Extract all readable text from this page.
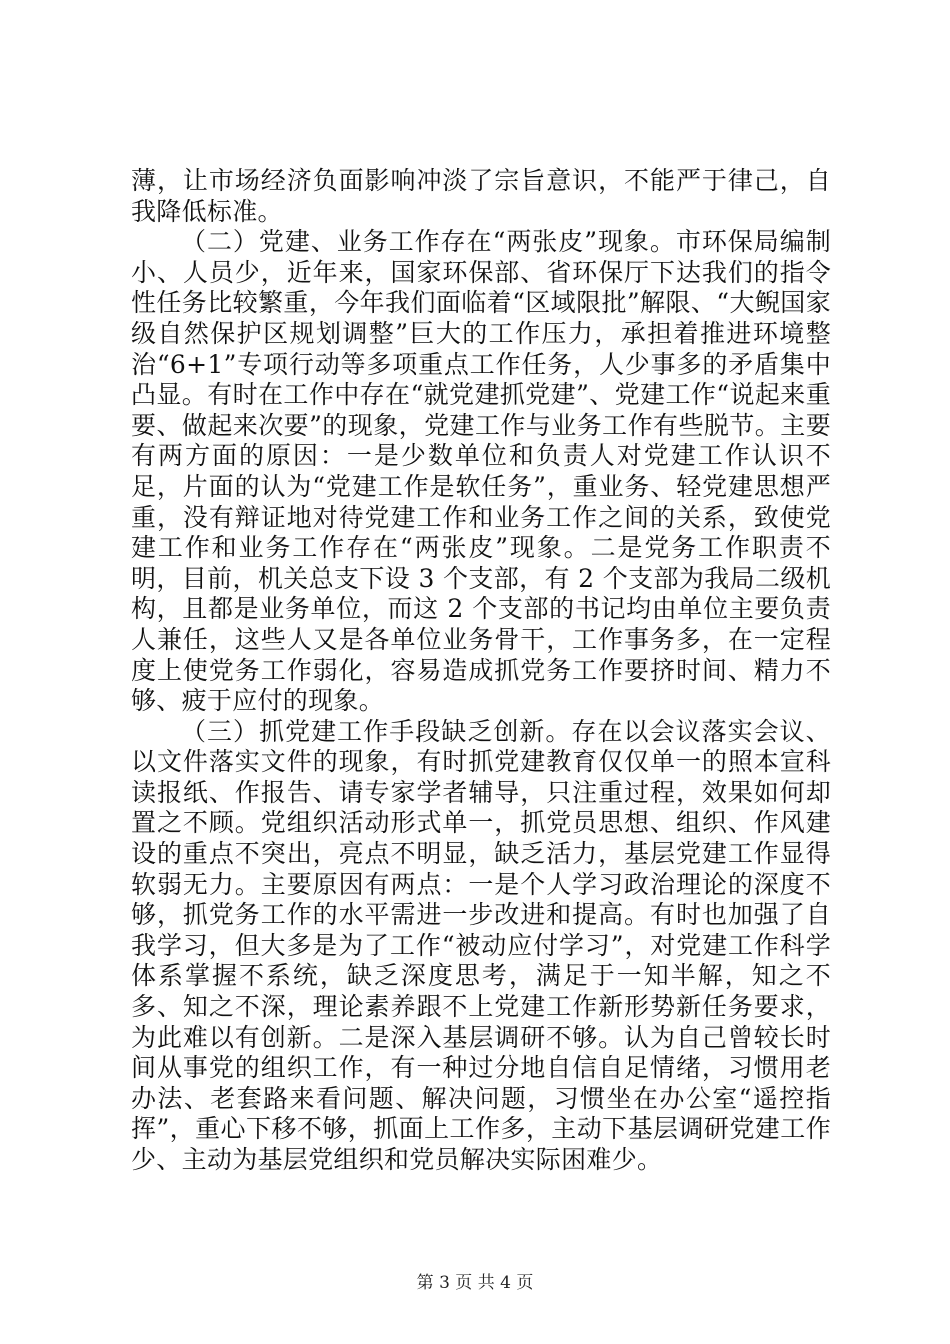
薄，让市场经济负面影响冲淡了宗旨意识，不能严于律己，自我降低标准。

（二）党建、业务工作存在“两张皮”现象。市环保局编制小、人员少，近年来，国家环保部、省环保厅下达我们的指令性任务比较繁重，今年我们面临着“区域限批”解限、“大鲵国家级自然保护区规划调整”巨大的工作压力，承担着推进环境整治“6+1”专项行动等多项重点工作任务，人少事多的矛盾集中凸显。有时在工作中存在“就党建抓党建”、党建工作“说起来重要、做起来次要”的现象，党建工作与业务工作有些脱节。主要有两方面的原因：一是少数单位和负责人对党建工作认识不足，片面的认为“党建工作是软任务”，重业务、轻党建思想严重，没有辩证地对待党建工作和业务工作之间的关系，致使党建工作和业务工作存在“两张皮”现象。二是党务工作职责不明，目前，机关总支下设 3 个支部，有 2 个支部为我局二级机构，且都是业务单位，而这 2 个支部的书记均由单位主要负责人兼任，这些人又是各单位业务骨干，工作事务多，在一定程度上使党务工作弱化，容易造成抓党务工作要挤时间、精力不够、疲于应付的现象。

（三）抓党建工作手段缺乏创新。存在以会议落实会议、以文件落实文件的现象，有时抓党建教育仅仅单一的照本宣科读报纸、作报告、请专家学者辅导，只注重过程，效果如何却置之不顾。党组织活动形式单一，抓党员思想、组织、作风建设的重点不突出，亮点不明显，缺乏活力，基层党建工作显得软弱无力。主要原因有两点：一是个人学习政治理论的深度不够，抓党务工作的水平需进一步改进和提高。有时也加强了自我学习，但大多是为了工作“被动应付学习”，对党建工作科学体系掌握不系统，缺乏深度思考，满足于一知半解，知之不多、知之不深，理论素养跟不上党建工作新形势新任务要求，为此难以有创新。二是深入基层调研不够。认为自己曾较长时间从事党的组织工作，有一种过分地自信自足情绪，习惯用老办法、老套路来看问题、解决问题，习惯坐在办公室“遥控指挥”，重心下移不够，抓面上工作多，主动下基层调研党建工作少、主动为基层党组织和党员解决实际困难少。

第 3 页 共 4 页
